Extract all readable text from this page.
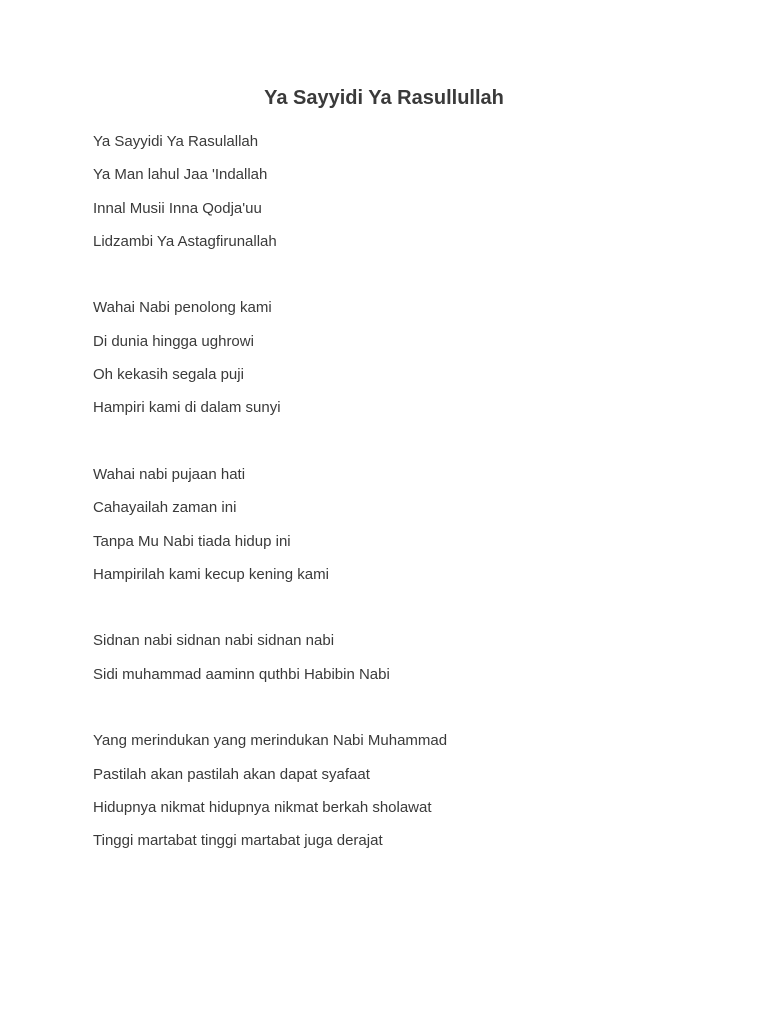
Ya Sayyidi Ya Rasullullah
Ya Sayyidi Ya Rasulallah
Ya Man lahul Jaa 'Indallah
Innal Musii Inna Qodja'uu
Lidzambi Ya Astagfirunallah
Wahai Nabi penolong kami
Di dunia hingga ughrowi
Oh kekasih segala puji
Hampiri kami di dalam sunyi
Wahai nabi pujaan hati
Cahayailah zaman ini
Tanpa Mu Nabi tiada hidup ini
Hampirilah kami kecup kening kami
Sidnan nabi sidnan nabi sidnan nabi
Sidi muhammad aaminn quthbi Habibin Nabi
Yang merindukan yang merindukan Nabi Muhammad
Pastilah akan pastilah akan dapat syafaat
Hidupnya nikmat hidupnya nikmat berkah sholawat
Tinggi martabat tinggi martabat juga derajat
